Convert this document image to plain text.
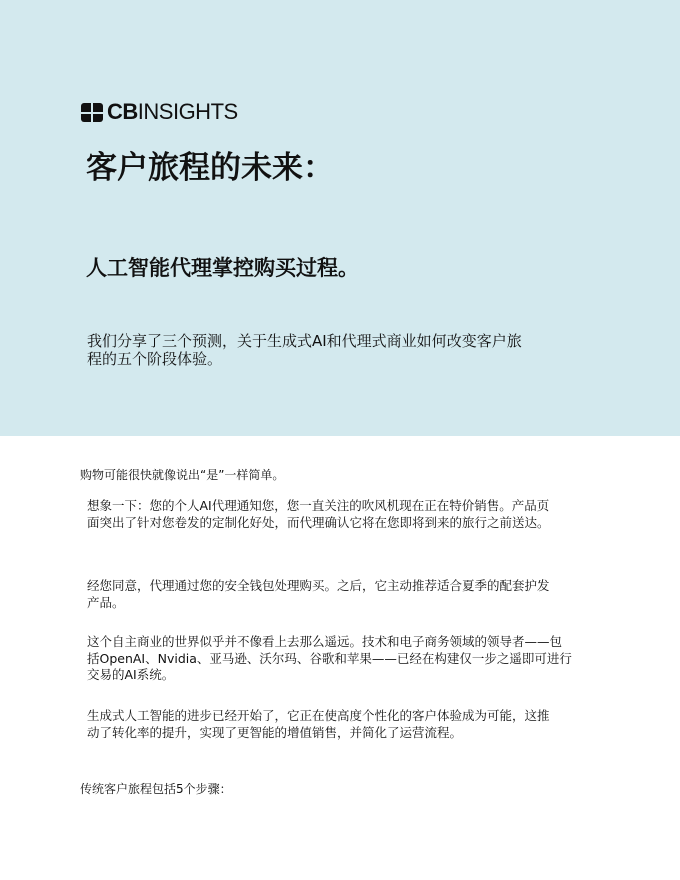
CBINSIGHTS
客户旅程的未来：
人工智能代理掌控购买过程。
我们分享了三个预测，关于生成式AI和代理式商业如何改变客户旅
程的五个阶段体验。
购物可能很快就像说出“是”一样简单。
想象一下：您的个人AI代理通知您，您一直关注的吹风机现在正在特价销售。产品页
面突出了针对您卷发的定制化好处，而代理确认它将在您即将到来的旅行之前送达。
经您同意，代理通过您的安全钱包处理购买。之后，它主动推荐适合夏季的配套护发
产品。
这个自主商业的世界似乎并不像看上去那么遥远。技术和电子商务领域的领导者——包
括OpenAI、Nvidia、亚马逊、沃尔玛、谷歌和苹果——已经在构建仅一步之遥即可进行
交易的AI系统。
生成式人工智能的进步已经开始了，它正在使高度个性化的客户体验成为可能，这推
动了转化率的提升，实现了更智能的增值销售，并简化了运营流程。
传统客户旅程包括5个步骤：
